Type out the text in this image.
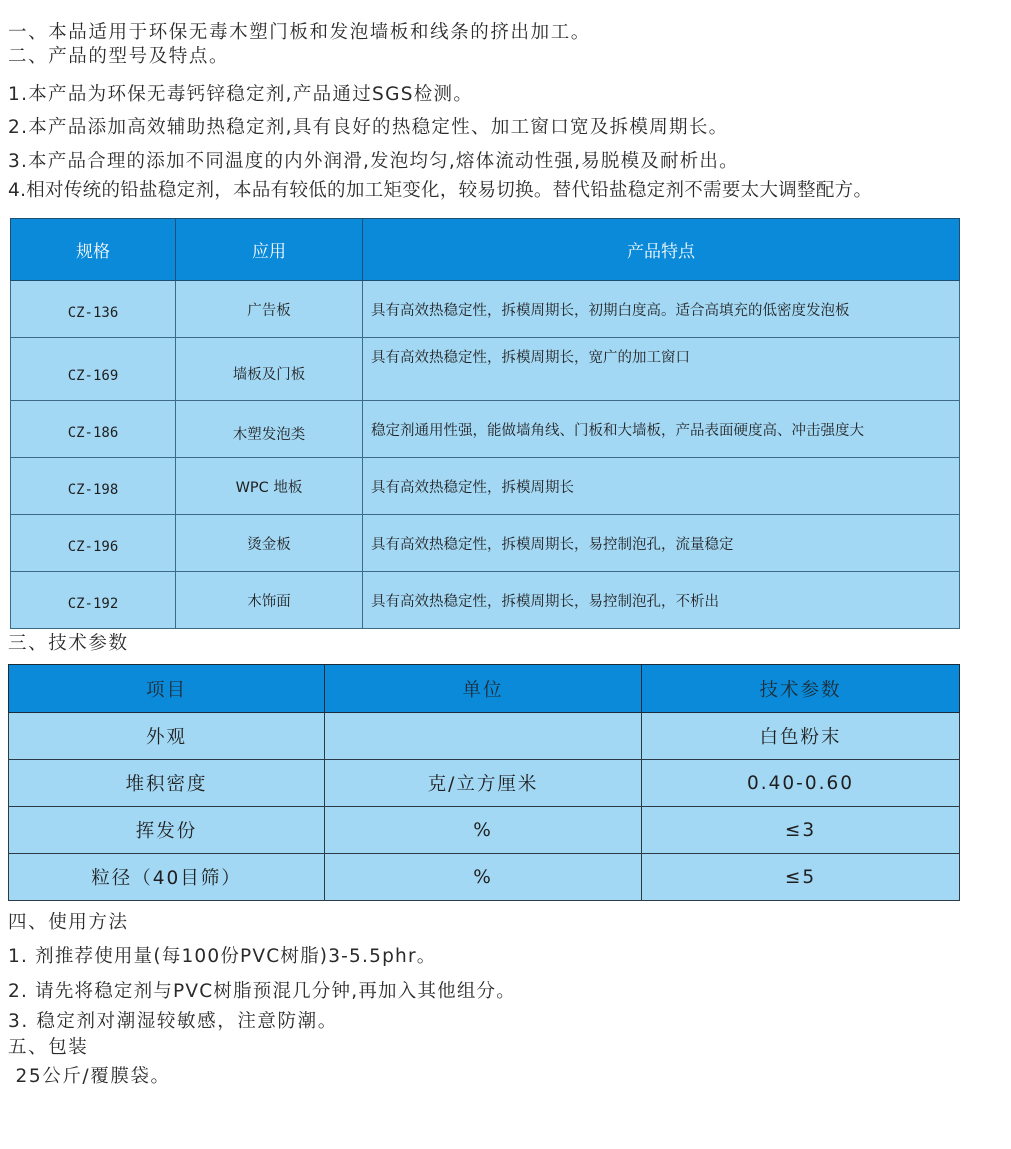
一、本品适用于环保无毒木塑门板和发泡墙板和线条的挤出加工。
二、产品的型号及特点。
1.本产品为环保无毒钙锌稳定剂,产品通过SGS检测。
2.本产品添加高效辅助热稳定剂,具有良好的热稳定性、加工窗口宽及拆模周期长。
3.本产品合理的添加不同温度的内外润滑,发泡均匀,熔体流动性强,易脱模及耐析出。
4.相对传统的铅盐稳定剂，本品有较低的加工矩变化，较易切换。替代铅盐稳定剂不需要太大调整配方。
规格	应用	产品特点
CZ-136	广告板	具有高效热稳定性，拆模周期长，初期白度高。适合高填充的低密度发泡板
CZ-169	墙板及门板	具有高效热稳定性，拆模周期长，宽广的加工窗口
CZ-186	木塑发泡类	稳定剂通用性强，能做墙角线、门板和大墙板，产品表面硬度高、冲击强度大
CZ-198	WPC 地板	具有高效热稳定性，拆模周期长
CZ-196	烫金板	具有高效热稳定性，拆模周期长，易控制泡孔，流量稳定
CZ-192	木饰面	具有高效热稳定性，拆模周期长，易控制泡孔，不析出
三、技术参数
项目	单位	技术参数
外观		白色粉末
堆积密度	克/立方厘米	0.40-0.60
挥发份	%	≤3
粒径（40目筛）	%	≤5
四、使用方法
1. 剂推荐使用量(每100份PVC树脂)3-5.5phr。
2. 请先将稳定剂与PVC树脂预混几分钟,再加入其他组分。
3. 稳定剂对潮湿较敏感，注意防潮。
五、包装
25公斤/覆膜袋。
